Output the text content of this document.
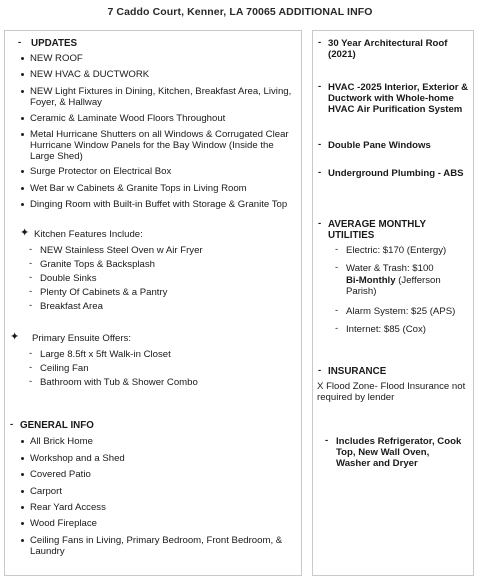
7 Caddo Court, Kenner, LA 70065 ADDITIONAL INFO
- UPDATES
NEW ROOF
NEW HVAC & DUCTWORK
NEW Light Fixtures in Dining, Kitchen, Breakfast Area, Living, Foyer, & Hallway
Ceramic & Laminate Wood Floors Throughout
Metal Hurricane Shutters on all Windows & Corrugated Clear Hurricane Window Panels for the Bay Window (Inside the Large Shed)
Surge Protector on Electrical Box
Wet Bar w Cabinets & Granite Tops in Living Room
Dinging Room with Built-in Buffet with Storage & Granite Top
✦ Kitchen Features Include:
- NEW Stainless Steel Oven w Air Fryer
- Granite Tops & Backsplash
- Double Sinks
- Plenty Of Cabinets & a Pantry
- Breakfast Area
✦ Primary Ensuite Offers:
- Large 8.5ft x 5ft Walk-in Closet
- Ceiling Fan
- Bathroom with Tub & Shower Combo
- GENERAL INFO
All Brick Home
Workshop and a Shed
Covered Patio
Carport
Rear Yard Access
Wood Fireplace
Ceiling Fans in Living, Primary Bedroom, Front Bedroom, & Laundry
- 30 Year Architectural Roof (2021)
- HVAC -2025 Interior, Exterior & Ductwork with Whole-home HVAC Air Purification System
- Double Pane Windows
- Underground Plumbing - ABS
- AVERAGE MONTHLY UTILITIES
- Electric: $170 (Entergy)
- Water & Trash: $100
Bi-Monthly (Jefferson Parish)
- Alarm System: $25 (APS)
- Internet: $85 (Cox)
- INSURANCE
X Flood Zone- Flood Insurance not required by lender
- Includes Refrigerator, Cook Top, New Wall Oven, Washer and Dryer
